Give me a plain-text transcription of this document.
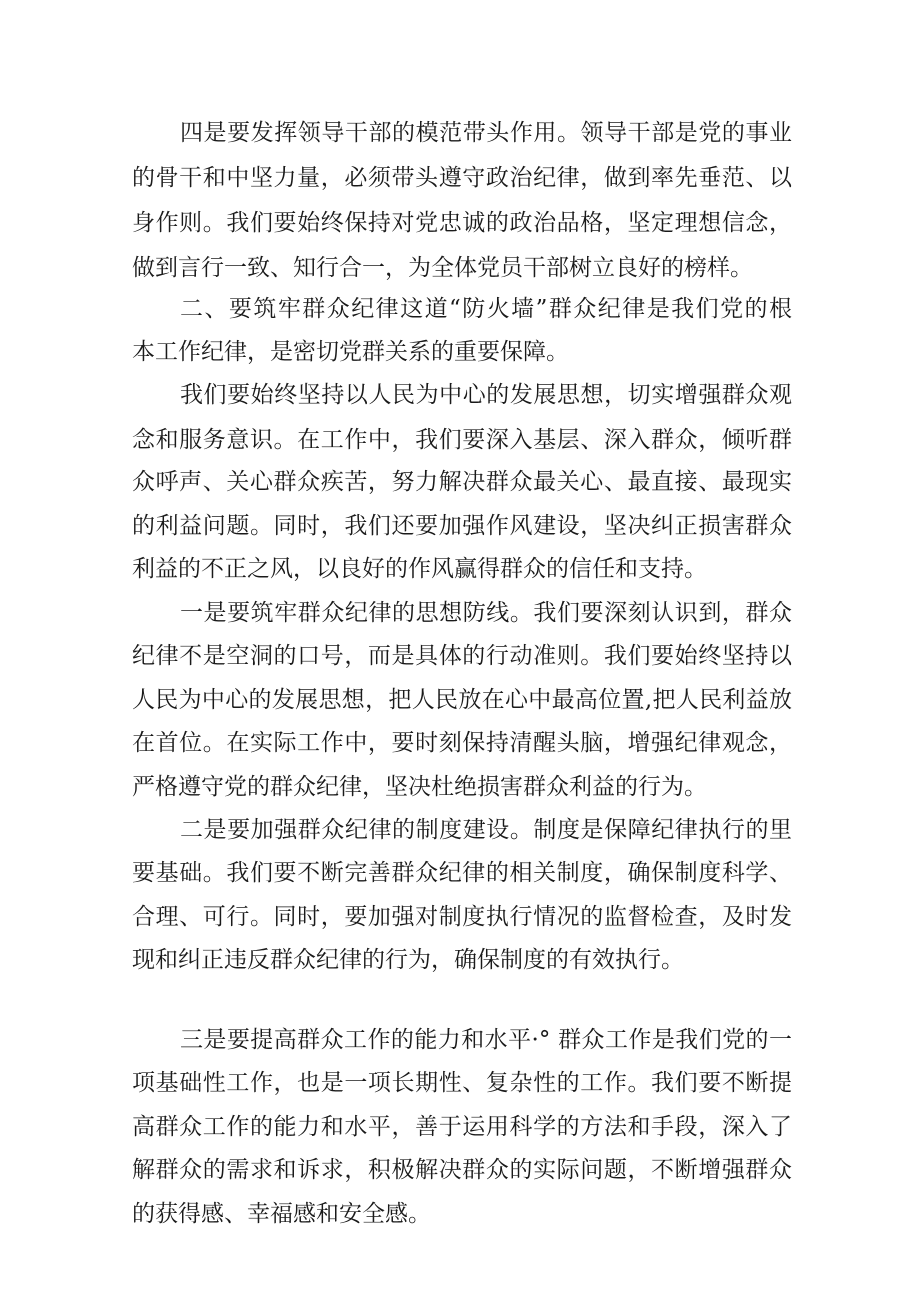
四是要发挥领导干部的模范带头作用。领导干部是党的事业
的骨干和中坚力量，必须带头遵守政治纪律，做到率先垂范、以
身作则。我们要始终保持对党忠诚的政治品格，坚定理想信念，
做到言行一致、知行合一，为全体党员干部树立良好的榜样。
二、要筑牢群众纪律这道“防火墙”群众纪律是我们党的根
本工作纪律，是密切党群关系的重要保障。
我们要始终坚持以人民为中心的发展思想，切实增强群众观
念和服务意识。在工作中，我们要深入基层、深入群众，倾听群
众呼声、关心群众疾苦，努力解决群众最关心、最直接、最现实
的利益问题。同时，我们还要加强作风建设，坚决纠正损害群众
利益的不正之风，以良好的作风赢得群众的信任和支持。
一是要筑牢群众纪律的思想防线。我们要深刻认识到，群众
纪律不是空洞的口号，而是具体的行动准则。我们要始终坚持以
人民为中心的发展思想，把人民放在心中最高位置,把人民利益放
在首位。在实际工作中，要时刻保持清醒头脑，增强纪律观念，
严格遵守党的群众纪律，坚决杜绝损害群众利益的行为。
二是要加强群众纪律的制度建设。制度是保障纪律执行的里
要基础。我们要不断完善群众纪律的相关制度，确保制度科学、
合理、可行。同时，要加强对制度执行情况的监督检查，及时发
现和纠正违反群众纪律的行为，确保制度的有效执行。
三是要提高群众工作的能力和水平·° 群众工作是我们党的一
项基础性工作，也是一项长期性、复杂性的工作。我们要不断提
高群众工作的能力和水平，善于运用科学的方法和手段，深入了
解群众的需求和诉求，积极解决群众的实际问题，不断增强群众
的获得感、幸福感和安全感。
